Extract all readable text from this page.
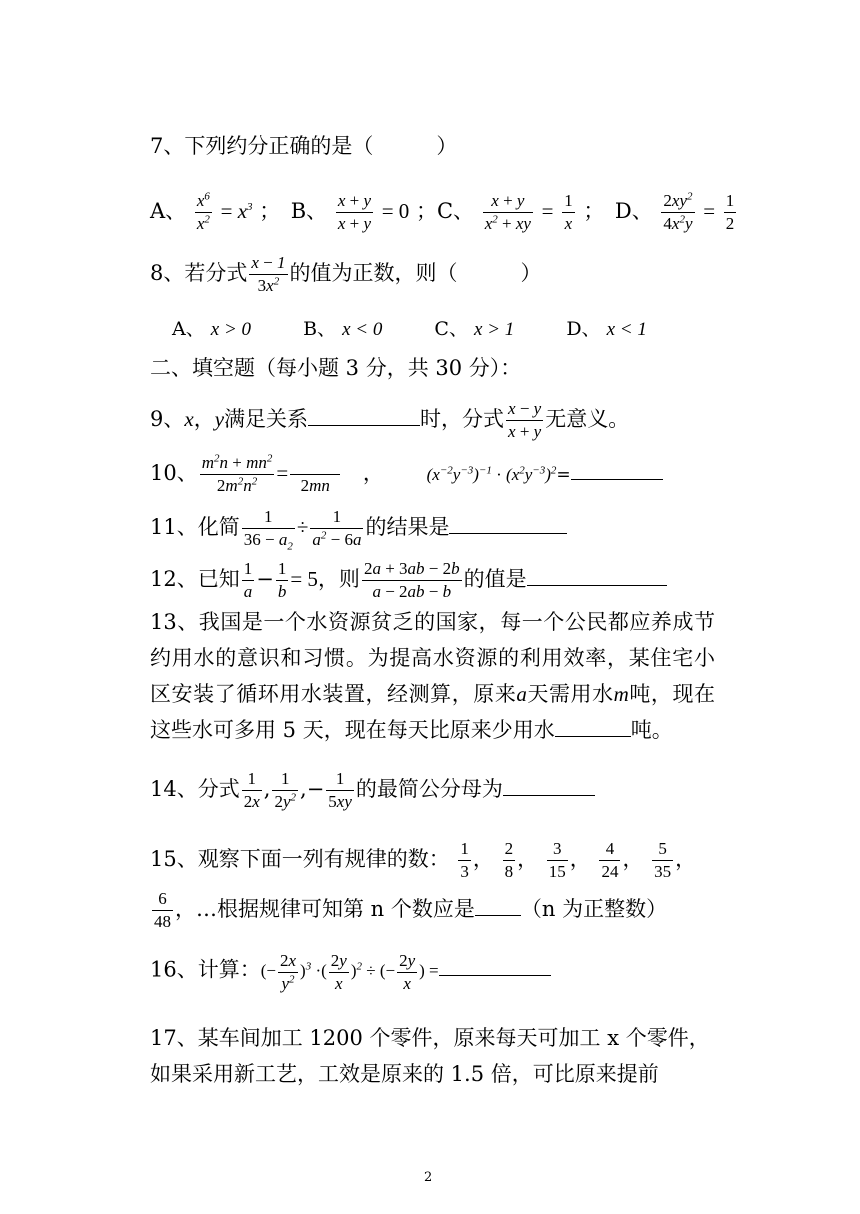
7、下列约分正确的是（　　　）
A、 $\frac{x^6}{x^2} = x^3$ ；　B、 $\frac{x + y}{x + y} = 0$ ；C、 $\frac{x + y}{x^2 + xy} = \frac{1}{x}$ ；　D、 $\frac{2xy^2}{4x^2y} = \frac{1}{2}$
8、若分式 $\frac{x - 1}{3x^2}$ 的值为正数，则（　　　）
A、 x > 0	B、 x < 0	C、 x > 1	D、 x < 1
二、填空题（每小题 3 分，共 30 分）：
9、x，y满足关系	时，分式 $\frac{x - y}{x + y}$ 无意义。
10、 $\frac{m^2n + mn^2}{2m^2n^2}$ =

2mn
，	$(x^{-2}y^{-3})^{-1} \cdot (x^2y^{-3})^2=$
11、化简 $\frac{1}{36 - a_2} \div \frac{1}{a^2 - 6a}$ 的结果是
12、已知 $\frac{1}{a} - \frac{1}{b} = 5$，则 $\frac{2a + 3ab - 2b}{a - 2ab - b}$ 的值是
13、我国是一个水资源贫乏的国家，每一个公民都应养成节约用水的意识和习惯。为提高水资源的利用效率，某住宅小区安装了循环用水装置，经测算，原来a天需用水m吨，现在这些水可多用 5 天，现在每天比原来少用水	吨。
14、分式 $\frac{1}{2x}$ , $\frac{1}{2y^2}$ ,− $\frac{1}{5xy}$ 的最简公分母为
15、观察下面一列有规律的数： $\frac{1}{3}$ ， $\frac{2}{8}$ ， $\frac{3}{15}$ ， $\frac{4}{24}$ ， $\frac{5}{35}$ ，
$\frac{6}{48}$ ，…根据规律可知第 n 个数应是 （n 为正整数）
16、计算：(− $\frac{2x}{y^2} )^3$ ·( $\frac{2y}{x} )^2$ ÷ (− $\frac{2y}{x}$ ) =
17、某车间加工 1200 个零件，原来每天可加工 x 个零件，
如果采用新工艺，工效是原来的 1.5 倍，可比原来提前
2
